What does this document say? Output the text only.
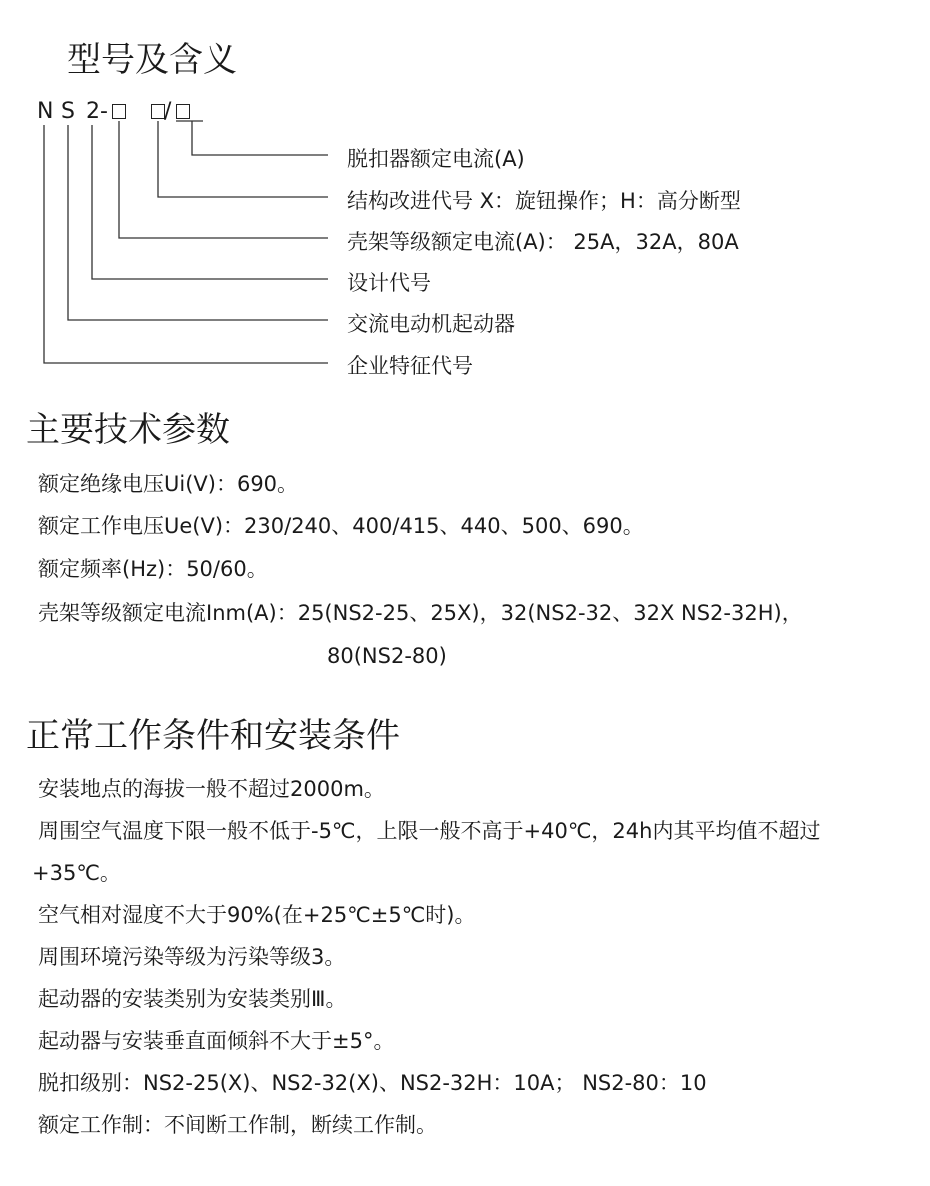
型号及含义
N S 2 -	/
脱扣器额定电流(A)
结构改进代号 X：旋钮操作；H：高分断型
壳架等级额定电流(A)： 25A，32A，80A
设计代号
交流电动机起动器
企业特征代号
主要技术参数
额定绝缘电压Ui(V)：690。
额定工作电压Ue(V)：230/240、400/415、440、500、690。
额定频率(Hz)：50/60。
壳架等级额定电流Inm(A)：25(NS2-25、25X)，32(NS2-32、32X NS2-32H)，
80(NS2-80)
正常工作条件和安装条件
安装地点的海拔一般不超过2000m。
周围空气温度下限一般不低于-5℃，上限一般不高于+40℃，24h内其平均值不超过
+35℃。
空气相对湿度不大于90%(在+25℃±5℃时)。
周围环境污染等级为污染等级3。
起动器的安装类别为安装类别Ⅲ。
起动器与安装垂直面倾斜不大于±5°。
脱扣级别：NS2-25(X)、NS2-32(X)、NS2-32H：10A； NS2-80：10
额定工作制：不间断工作制，断续工作制。
